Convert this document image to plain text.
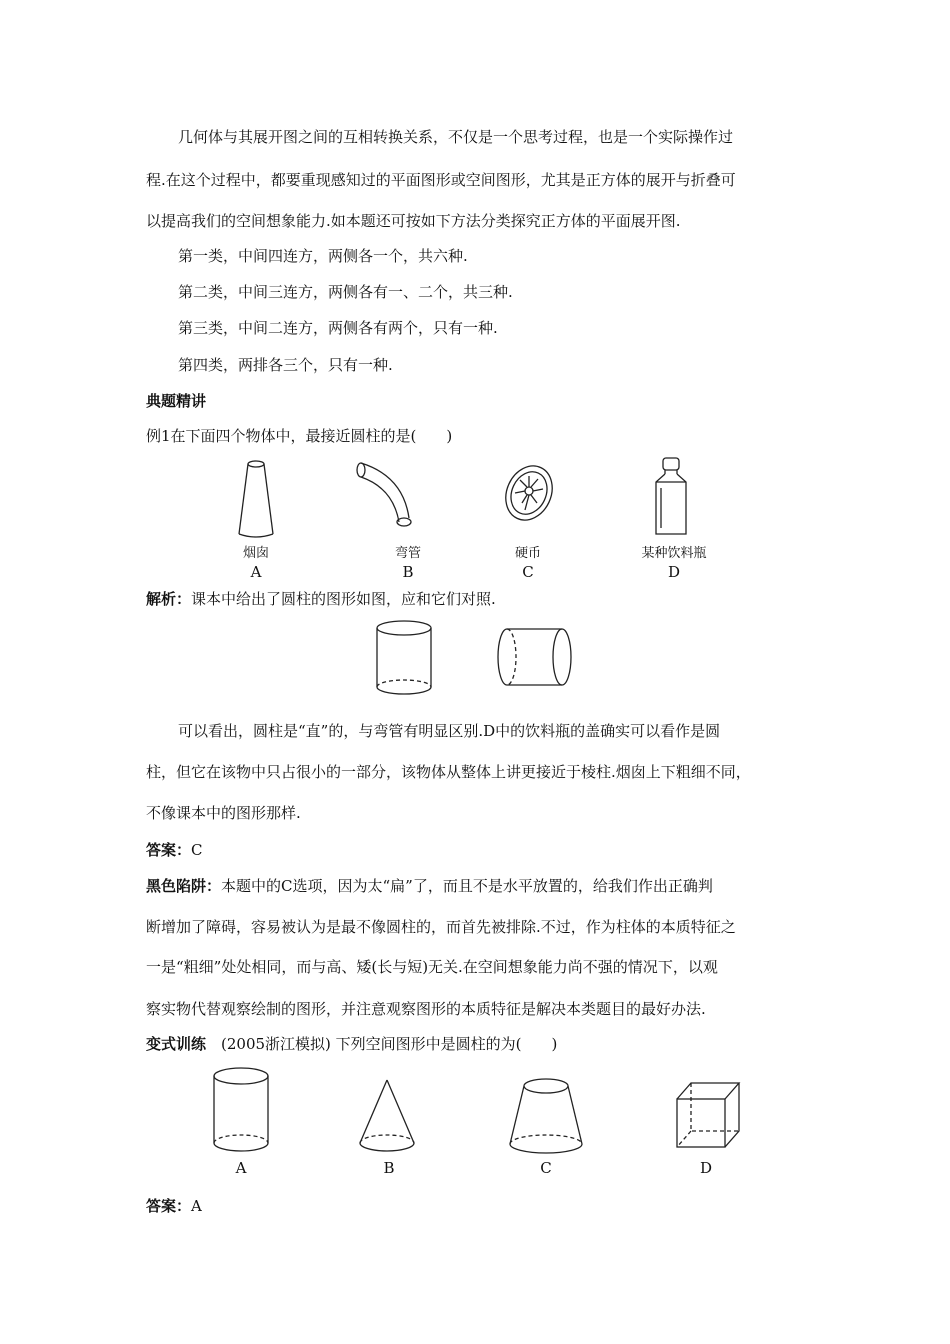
几何体与其展开图之间的互相转换关系，不仅是一个思考过程，也是一个实际操作过
程.在这个过程中，都要重现感知过的平面图形或空间图形，尤其是正方体的展开与折叠可
以提高我们的空间想象能力.如本题还可按如下方法分类探究正方体的平面展开图.
第一类，中间四连方，两侧各一个，共六种.
第二类，中间三连方，两侧各有一、二个，共三种.
第三类，中间二连方，两侧各有两个，只有一种.
第四类，两排各三个，只有一种.
典题精讲
例1在下面四个物体中，最接近圆柱的是(　　)
烟囱	弯管	硬币	某种饮料瓶
A	B	C	D
解析：课本中给出了圆柱的图形如图，应和它们对照.
可以看出，圆柱是“直”的，与弯管有明显区别.D中的饮料瓶的盖确实可以看作是圆
柱，但它在该物中只占很小的一部分，该物体从整体上讲更接近于棱柱.烟囱上下粗细不同，
不像课本中的图形那样.
答案：C
黑色陷阱：本题中的C选项，因为太“扁”了，而且不是水平放置的，给我们作出正确判
断增加了障碍，容易被认为是最不像圆柱的，而首先被排除.不过，作为柱体的本质特征之
一是“粗细”处处相同，而与高、矮(长与短)无关.在空间想象能力尚不强的情况下，以观
察实物代替观察绘制的图形，并注意观察图形的本质特征是解决本类题目的最好办法.
变式训练　 (2005浙江模拟) 下列空间图形中是圆柱的为(　　)
A	B	C	D
答案：A
